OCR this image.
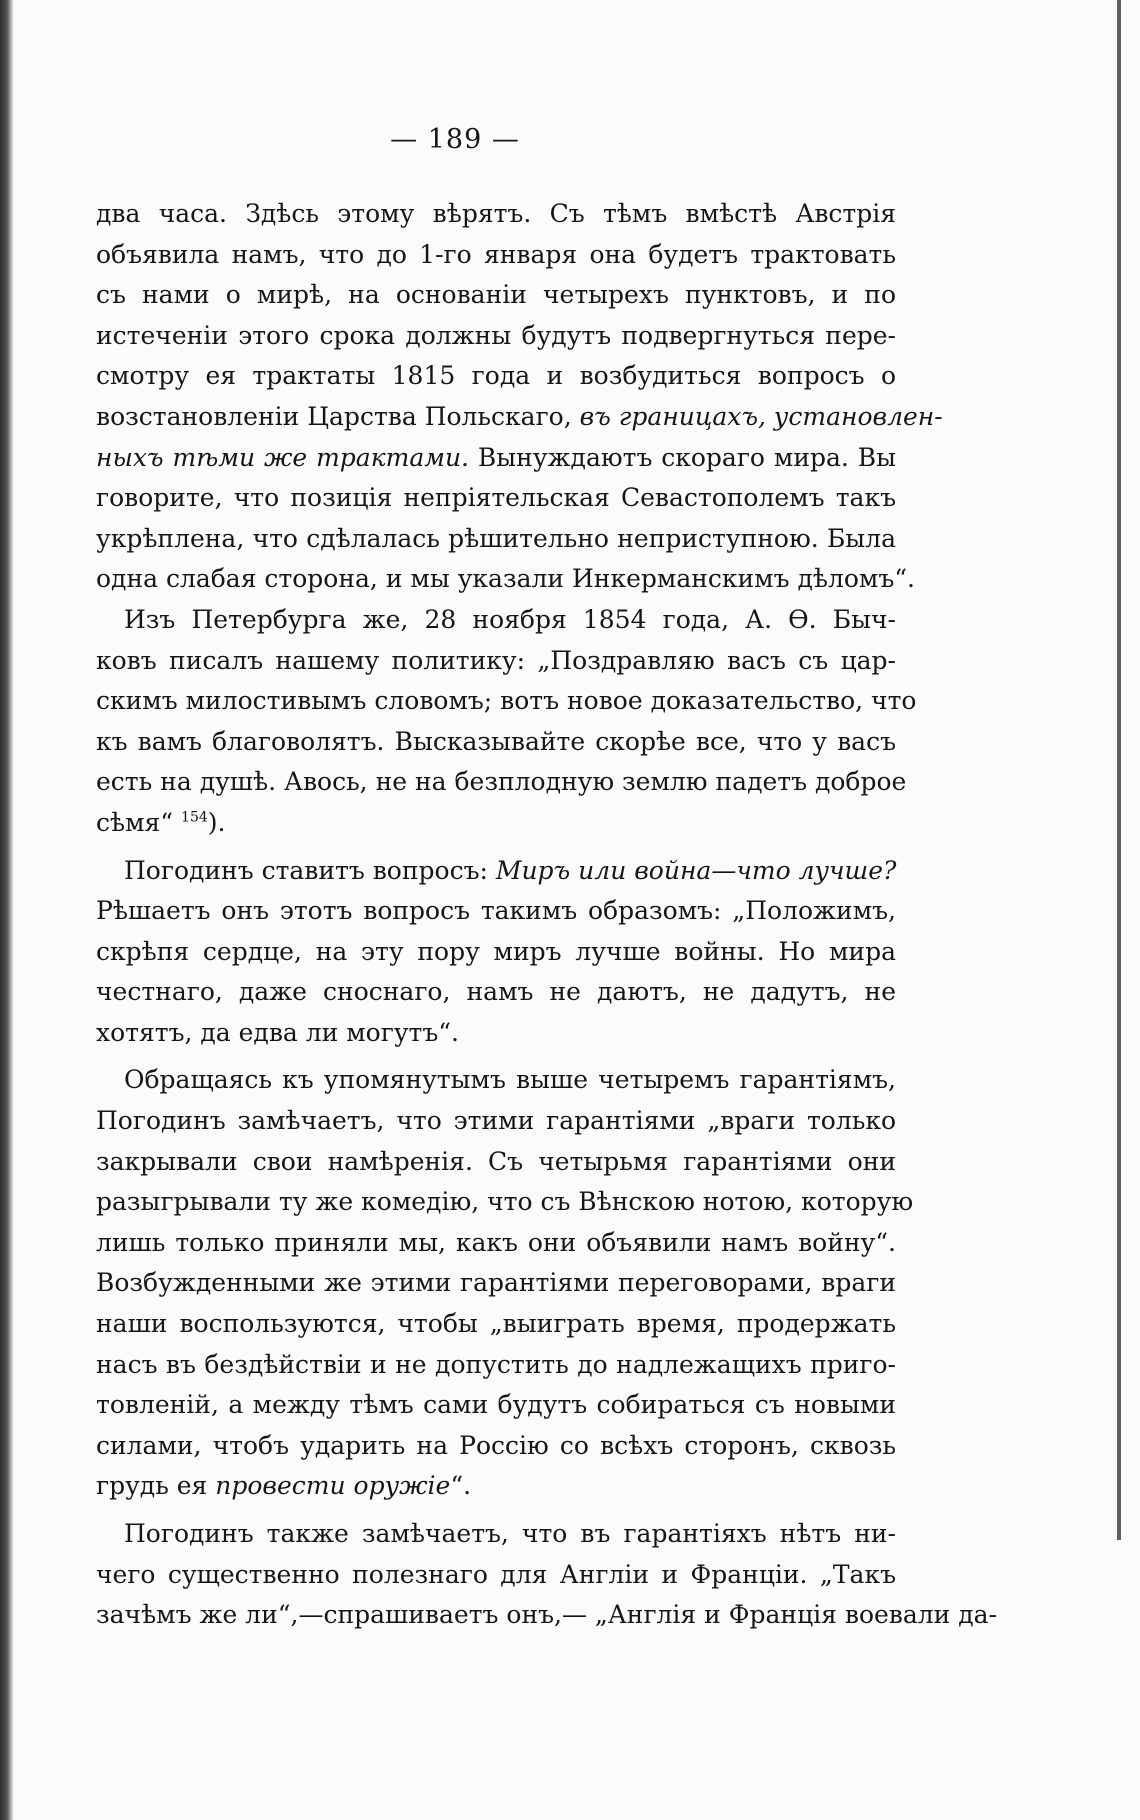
— 189 —
два часа. Здѣсь этому вѣрятъ. Съ тѣмъ вмѣстѣ Австрія
объявила намъ, что до 1-го января она будетъ трактовать
съ нами о мирѣ, на основаніи четырехъ пунктовъ, и по
истеченіи этого срока должны будутъ подвергнуться пере-
смотру ея трактаты 1815 года и возбудиться вопросъ о
возстановленіи Царства Польскаго, въ границахъ, установлен-
ныхъ тѣми же трактами. Вынуждаютъ скораго мира. Вы
говорите, что позиція непріятельская Севастополемъ такъ
укрѣплена, что сдѣлалась рѣшительно неприступною. Была
одна слабая сторона, и мы указали Инкерманскимъ дѣломъ“.
Изъ Петербурга же, 28 ноября 1854 года, А. Ѳ. Быч-
ковъ писалъ нашему политику: „Поздравляю васъ съ цар-
скимъ милостивымъ словомъ; вотъ новое доказательство, что
къ вамъ благоволятъ. Высказывайте скорѣе все, что у васъ
есть на душѣ. Авось, не на безплодную землю падетъ доброе
сѣмя“ $^{154}$).
Погодинъ ставитъ вопросъ: Миръ или война—что лучше?
Рѣшаетъ онъ этотъ вопросъ такимъ образомъ: „Положимъ,
скрѣпя сердце, на эту пору миръ лучше войны. Но мира
честнаго, даже сноснаго, намъ не даютъ, не дадутъ, не
хотятъ, да едва ли могутъ“.
Обращаясь къ упомянутымъ выше четыремъ гарантіямъ,
Погодинъ замѣчаетъ, что этими гарантіями „враги только
закрывали свои намѣренія. Съ четырьмя гарантіями они
разыгрывали ту же комедію, что съ Вѣнскою нотою, которую
лишь только приняли мы, какъ они объявили намъ войну“.
Возбужденными же этими гарантіями переговорами, враги
наши воспользуются, чтобы „выиграть время, продержать
насъ въ бездѣйствіи и не допустить до надлежащихъ приго-
товленій, а между тѣмъ сами будутъ собираться съ новыми
силами, чтобъ ударить на Россію со всѣхъ сторонъ, сквозь
грудь ея провести оружіе“.
Погодинъ также замѣчаетъ, что въ гарантіяхъ нѣтъ ни-
чего существенно полезнаго для Англіи и Франціи. „Такъ
зачѣмъ же ли“,—спрашиваетъ онъ,— „Англія и Франція воевали да-
